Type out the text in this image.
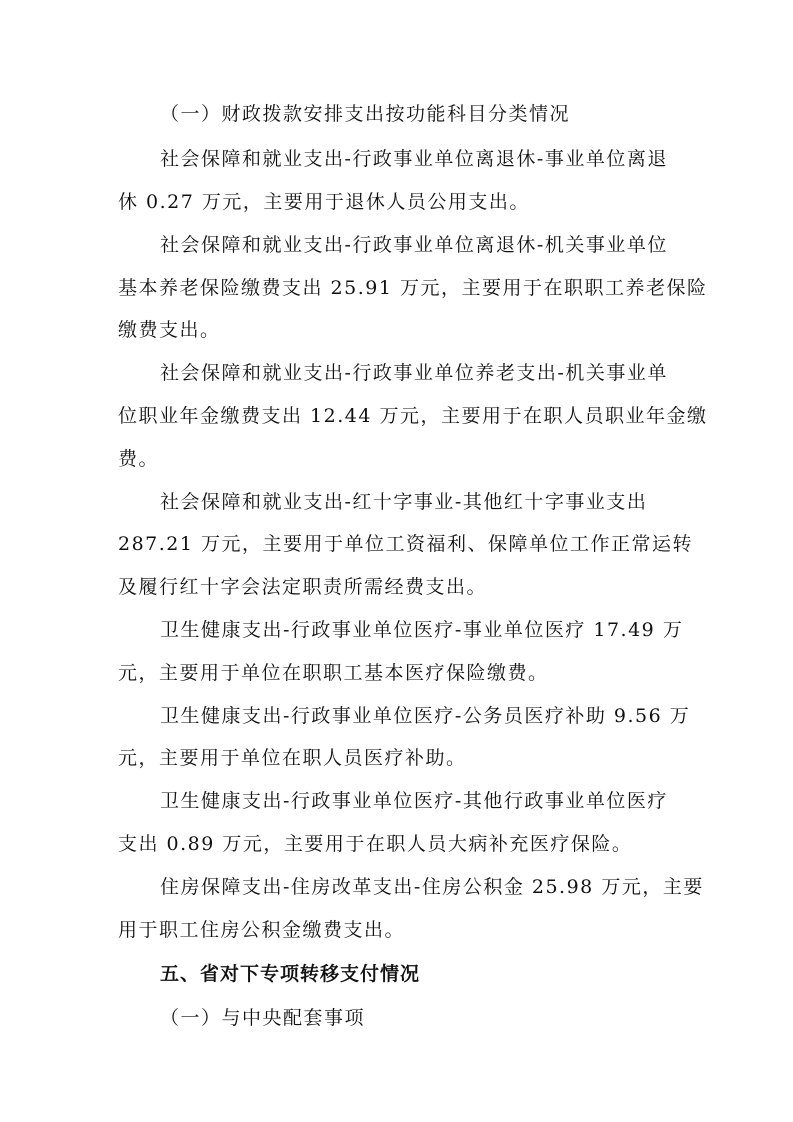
（一）财政拨款安排支出按功能科目分类情况
社会保障和就业支出-行政事业单位离退休-事业单位离退
休 0.27 万元，主要用于退休人员公用支出。
社会保障和就业支出-行政事业单位离退休-机关事业单位
基本养老保险缴费支出 25.91 万元，主要用于在职职工养老保险
缴费支出。
社会保障和就业支出-行政事业单位养老支出-机关事业单
位职业年金缴费支出 12.44 万元，主要用于在职人员职业年金缴
费。
社会保障和就业支出-红十字事业-其他红十字事业支出
287.21 万元，主要用于单位工资福利、保障单位工作正常运转
及履行红十字会法定职责所需经费支出。
卫生健康支出-行政事业单位医疗-事业单位医疗 17.49 万
元，主要用于单位在职职工基本医疗保险缴费。
卫生健康支出-行政事业单位医疗-公务员医疗补助 9.56 万
元，主要用于单位在职人员医疗补助。
卫生健康支出-行政事业单位医疗-其他行政事业单位医疗
支出 0.89 万元，主要用于在职人员大病补充医疗保险。
住房保障支出-住房改革支出-住房公积金 25.98 万元，主要
用于职工住房公积金缴费支出。
五、省对下专项转移支付情况
（一）与中央配套事项
